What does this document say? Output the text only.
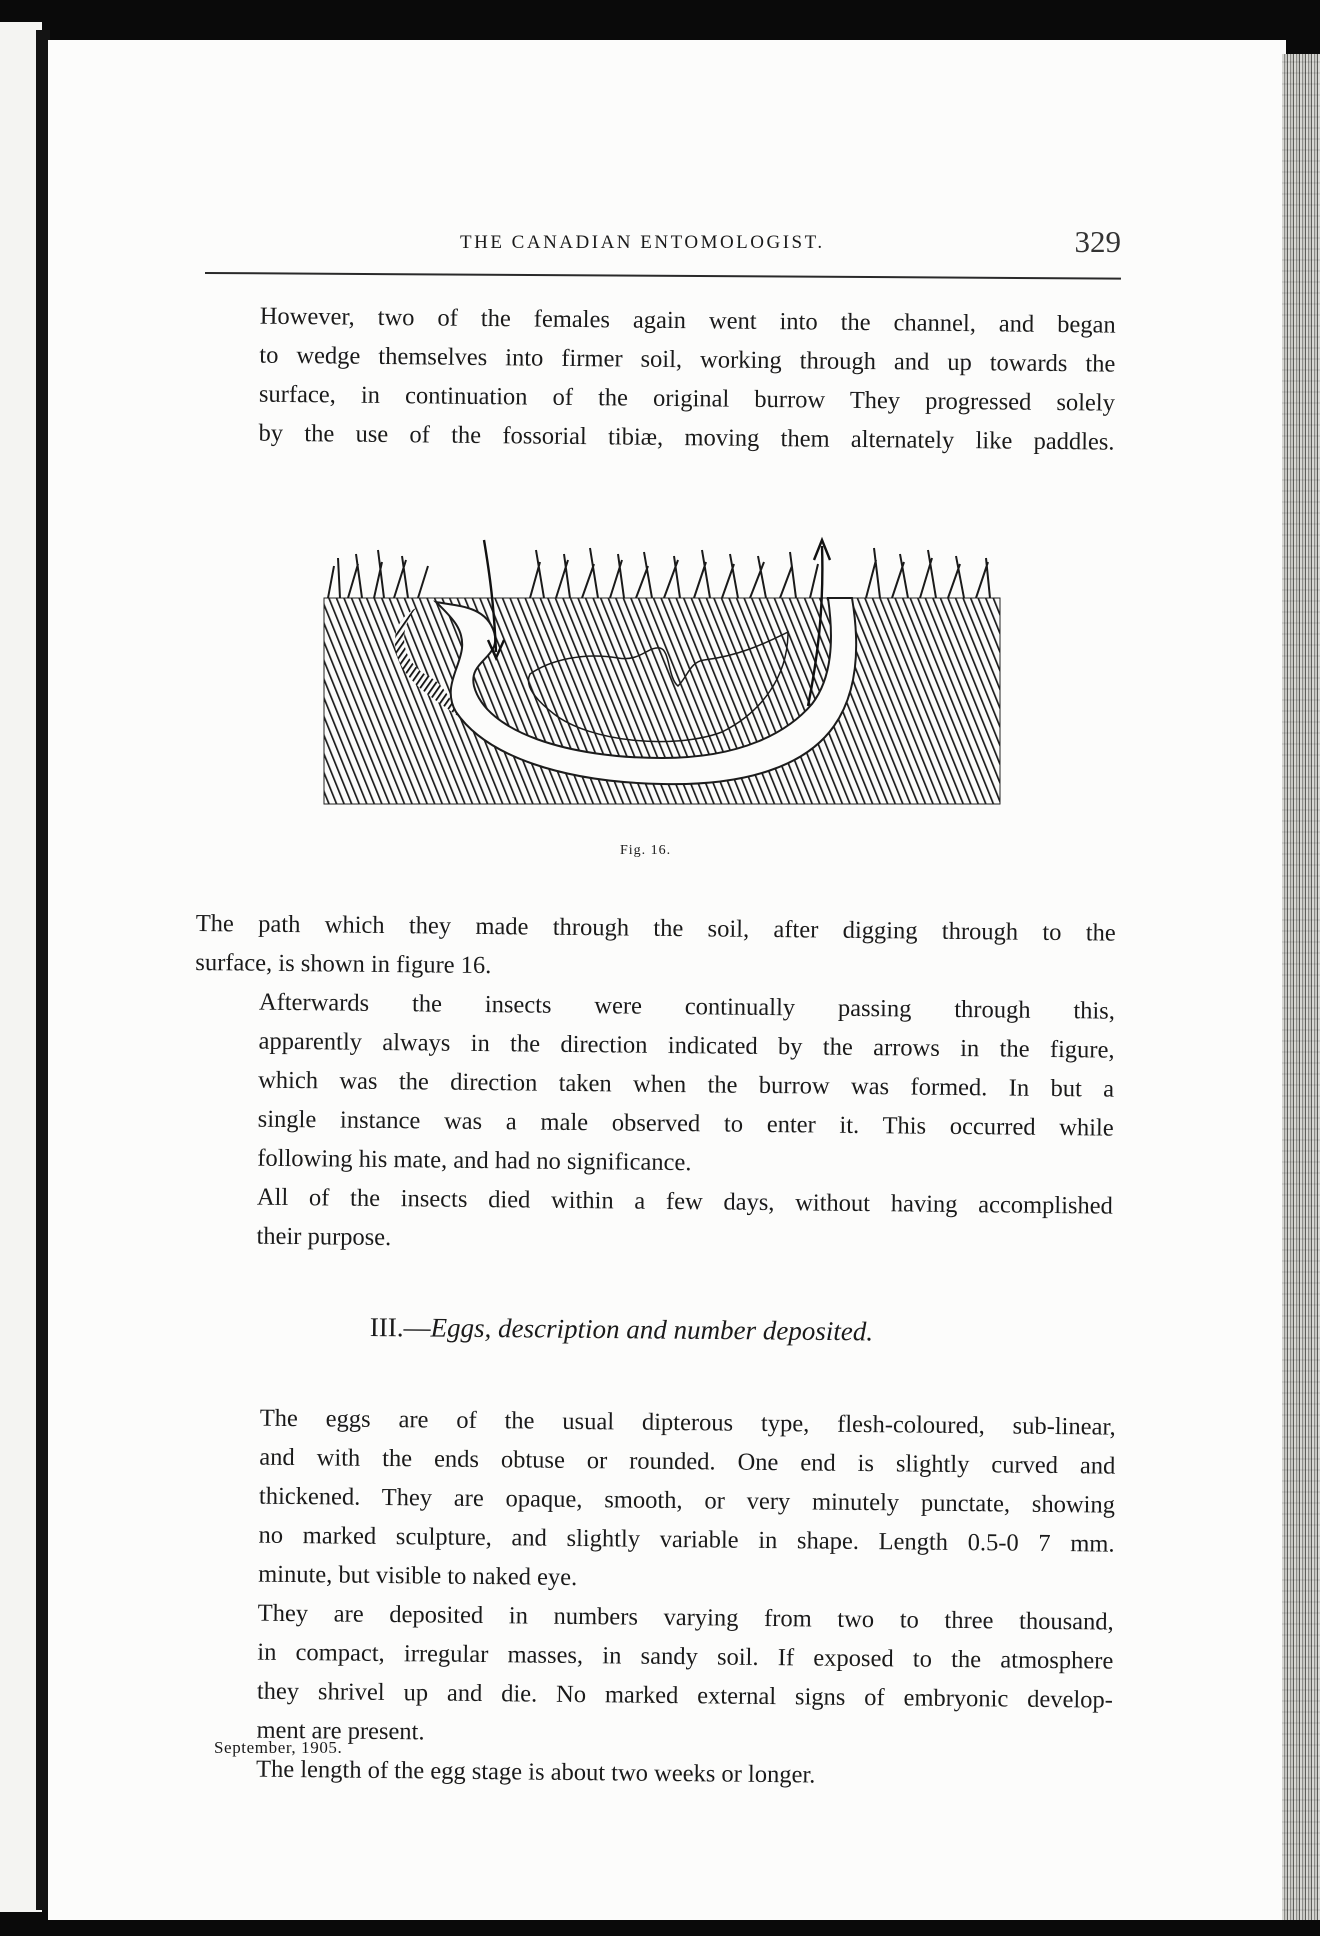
THE CANADIAN ENTOMOLOGIST.	329

However, two of the females again went into the channel, and began
to wedge themselves into firmer soil, working through and up towards the
surface, in continuation of the original burrow They progressed solely
by the use of the fossorial tibiæ, moving them alternately like paddles.

Fig. 16.

The path which they made through the soil, after digging through to the
surface, is shown in figure 16.

Afterwards the insects were continually passing through this,
apparently always in the direction indicated by the arrows in the figure,
which was the direction taken when the burrow was formed. In but a
single instance was a male observed to enter it. This occurred while
following his mate, and had no significance.

All of the insects died within a few days, without having accomplished
their purpose.

III.—Eggs, description and number deposited.

The eggs are of the usual dipterous type, flesh-coloured, sub-linear,
and with the ends obtuse or rounded. One end is slightly curved and
thickened. They are opaque, smooth, or very minutely punctate, showing
no marked sculpture, and slightly variable in shape. Length 0.5-0 7 mm.
minute, but visible to naked eye.

They are deposited in numbers varying from two to three thousand,
in compact, irregular masses, in sandy soil. If exposed to the atmosphere
they shrivel up and die. No marked external signs of embryonic develop-
ment are present.

The length of the egg stage is about two weeks or longer.

September, 1905.
